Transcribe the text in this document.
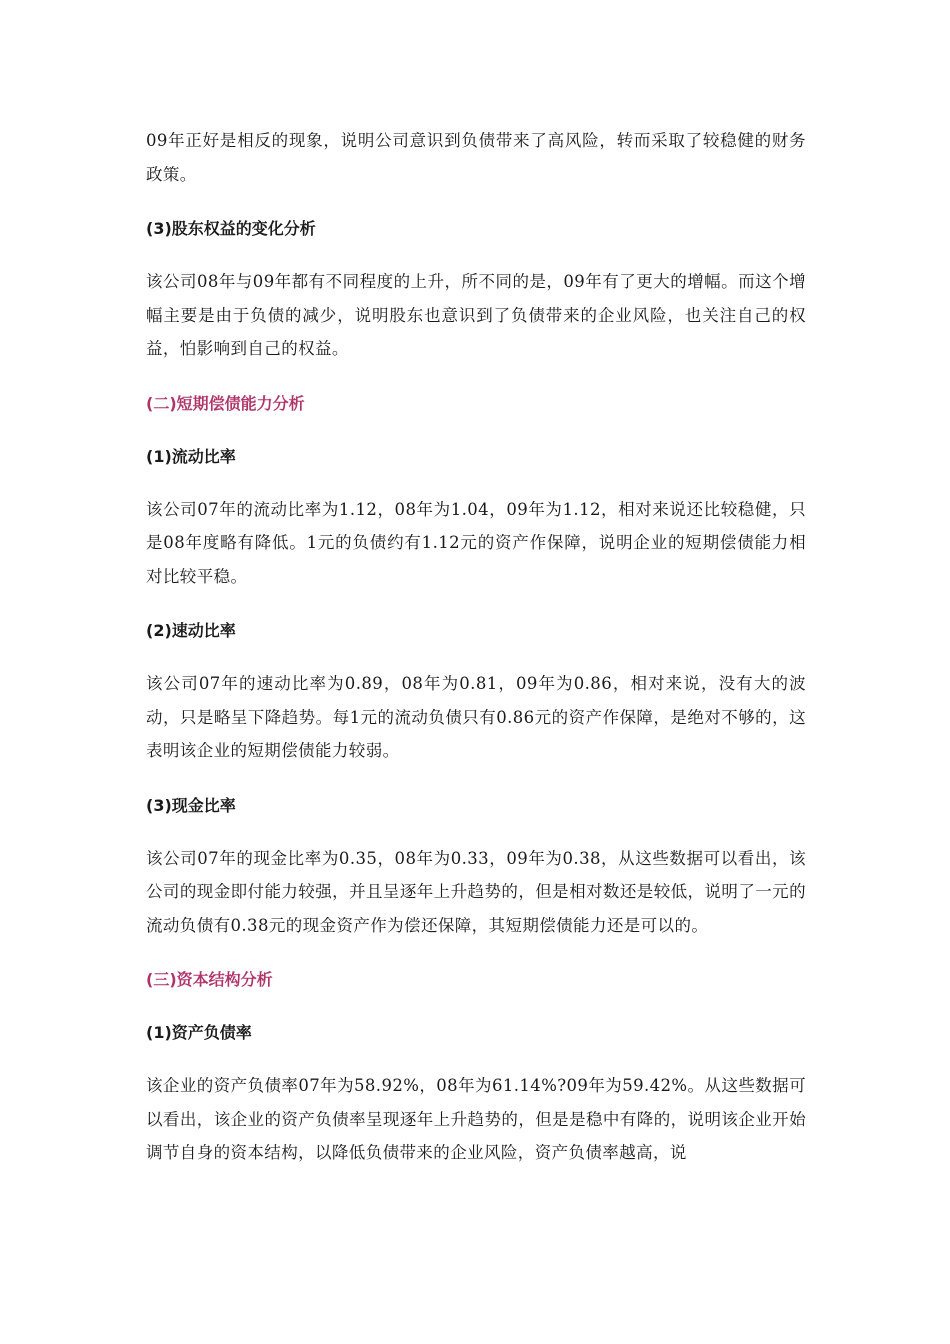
09年正好是相反的现象，说明公司意识到负债带来了高风险，转而采取了较稳健的财务政策。

(3)股东权益的变化分析

该公司08年与09年都有不同程度的上升，所不同的是，09年有了更大的增幅。而这个增幅主要是由于负债的减少，说明股东也意识到了负债带来的企业风险，也关注自己的权益，怕影响到自己的权益。

(二)短期偿债能力分析
(1)流动比率

该公司07年的流动比率为1.12，08年为1.04，09年为1.12，相对来说还比较稳健，只是08年度略有降低。1元的负债约有1.12元的资产作保障，说明企业的短期偿债能力相对比较平稳。

(2)速动比率

该公司07年的速动比率为0.89，08年为0.81，09年为0.86，相对来说，没有大的波动，只是略呈下降趋势。每1元的流动负债只有0.86元的资产作保障，是绝对不够的，这表明该企业的短期偿债能力较弱。

(3)现金比率

该公司07年的现金比率为0.35，08年为0.33，09年为0.38，从这些数据可以看出，该公司的现金即付能力较强，并且呈逐年上升趋势的，但是相对数还是较低，说明了一元的流动负债有0.38元的现金资产作为偿还保障，其短期偿债能力还是可以的。

(三)资本结构分析
(1)资产负债率

该企业的资产负债率07年为58.92%，08年为61.14%?09年为59.42%。从这些数据可以看出，该企业的资产负债率呈现逐年上升趋势的，但是是稳中有降的，说明该企业开始调节自身的资本结构，以降低负债带来的企业风险，资产负债率越高，说
